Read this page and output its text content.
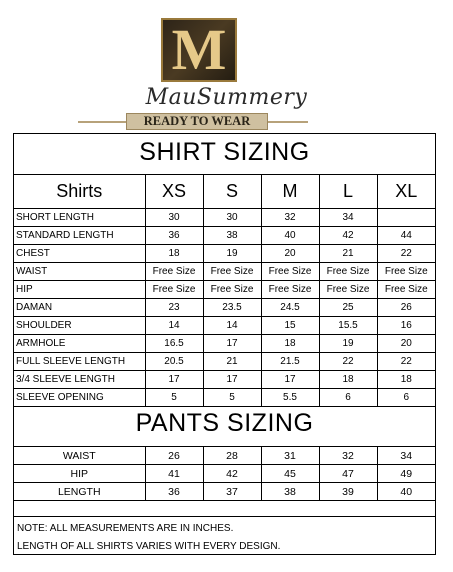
M
MauSummery
READY TO WEAR
SHIRT SIZING
Shirts	XS	S	M	L	XL
SHORT LENGTH	30	30	32	34	
STANDARD LENGTH	36	38	40	42	44
CHEST	18	19	20	21	22
WAIST	Free Size	Free Size	Free Size	Free Size	Free Size
HIP	Free Size	Free Size	Free Size	Free Size	Free Size
DAMAN	23	23.5	24.5	25	26
SHOULDER	14	14	15	15.5	16
ARMHOLE	16.5	17	18	19	20
FULL SLEEVE LENGTH	20.5	21	21.5	22	22
3/4 SLEEVE LENGTH	17	17	17	18	18
SLEEVE OPENING	5	5	5.5	6	6
PANTS SIZING
WAIST	26	28	31	32	34
HIP	41	42	45	47	49
LENGTH	36	37	38	39	40
NOTE: ALL MEASUREMENTS ARE IN INCHES.
LENGTH OF ALL SHIRTS VARIES WITH EVERY DESIGN.
